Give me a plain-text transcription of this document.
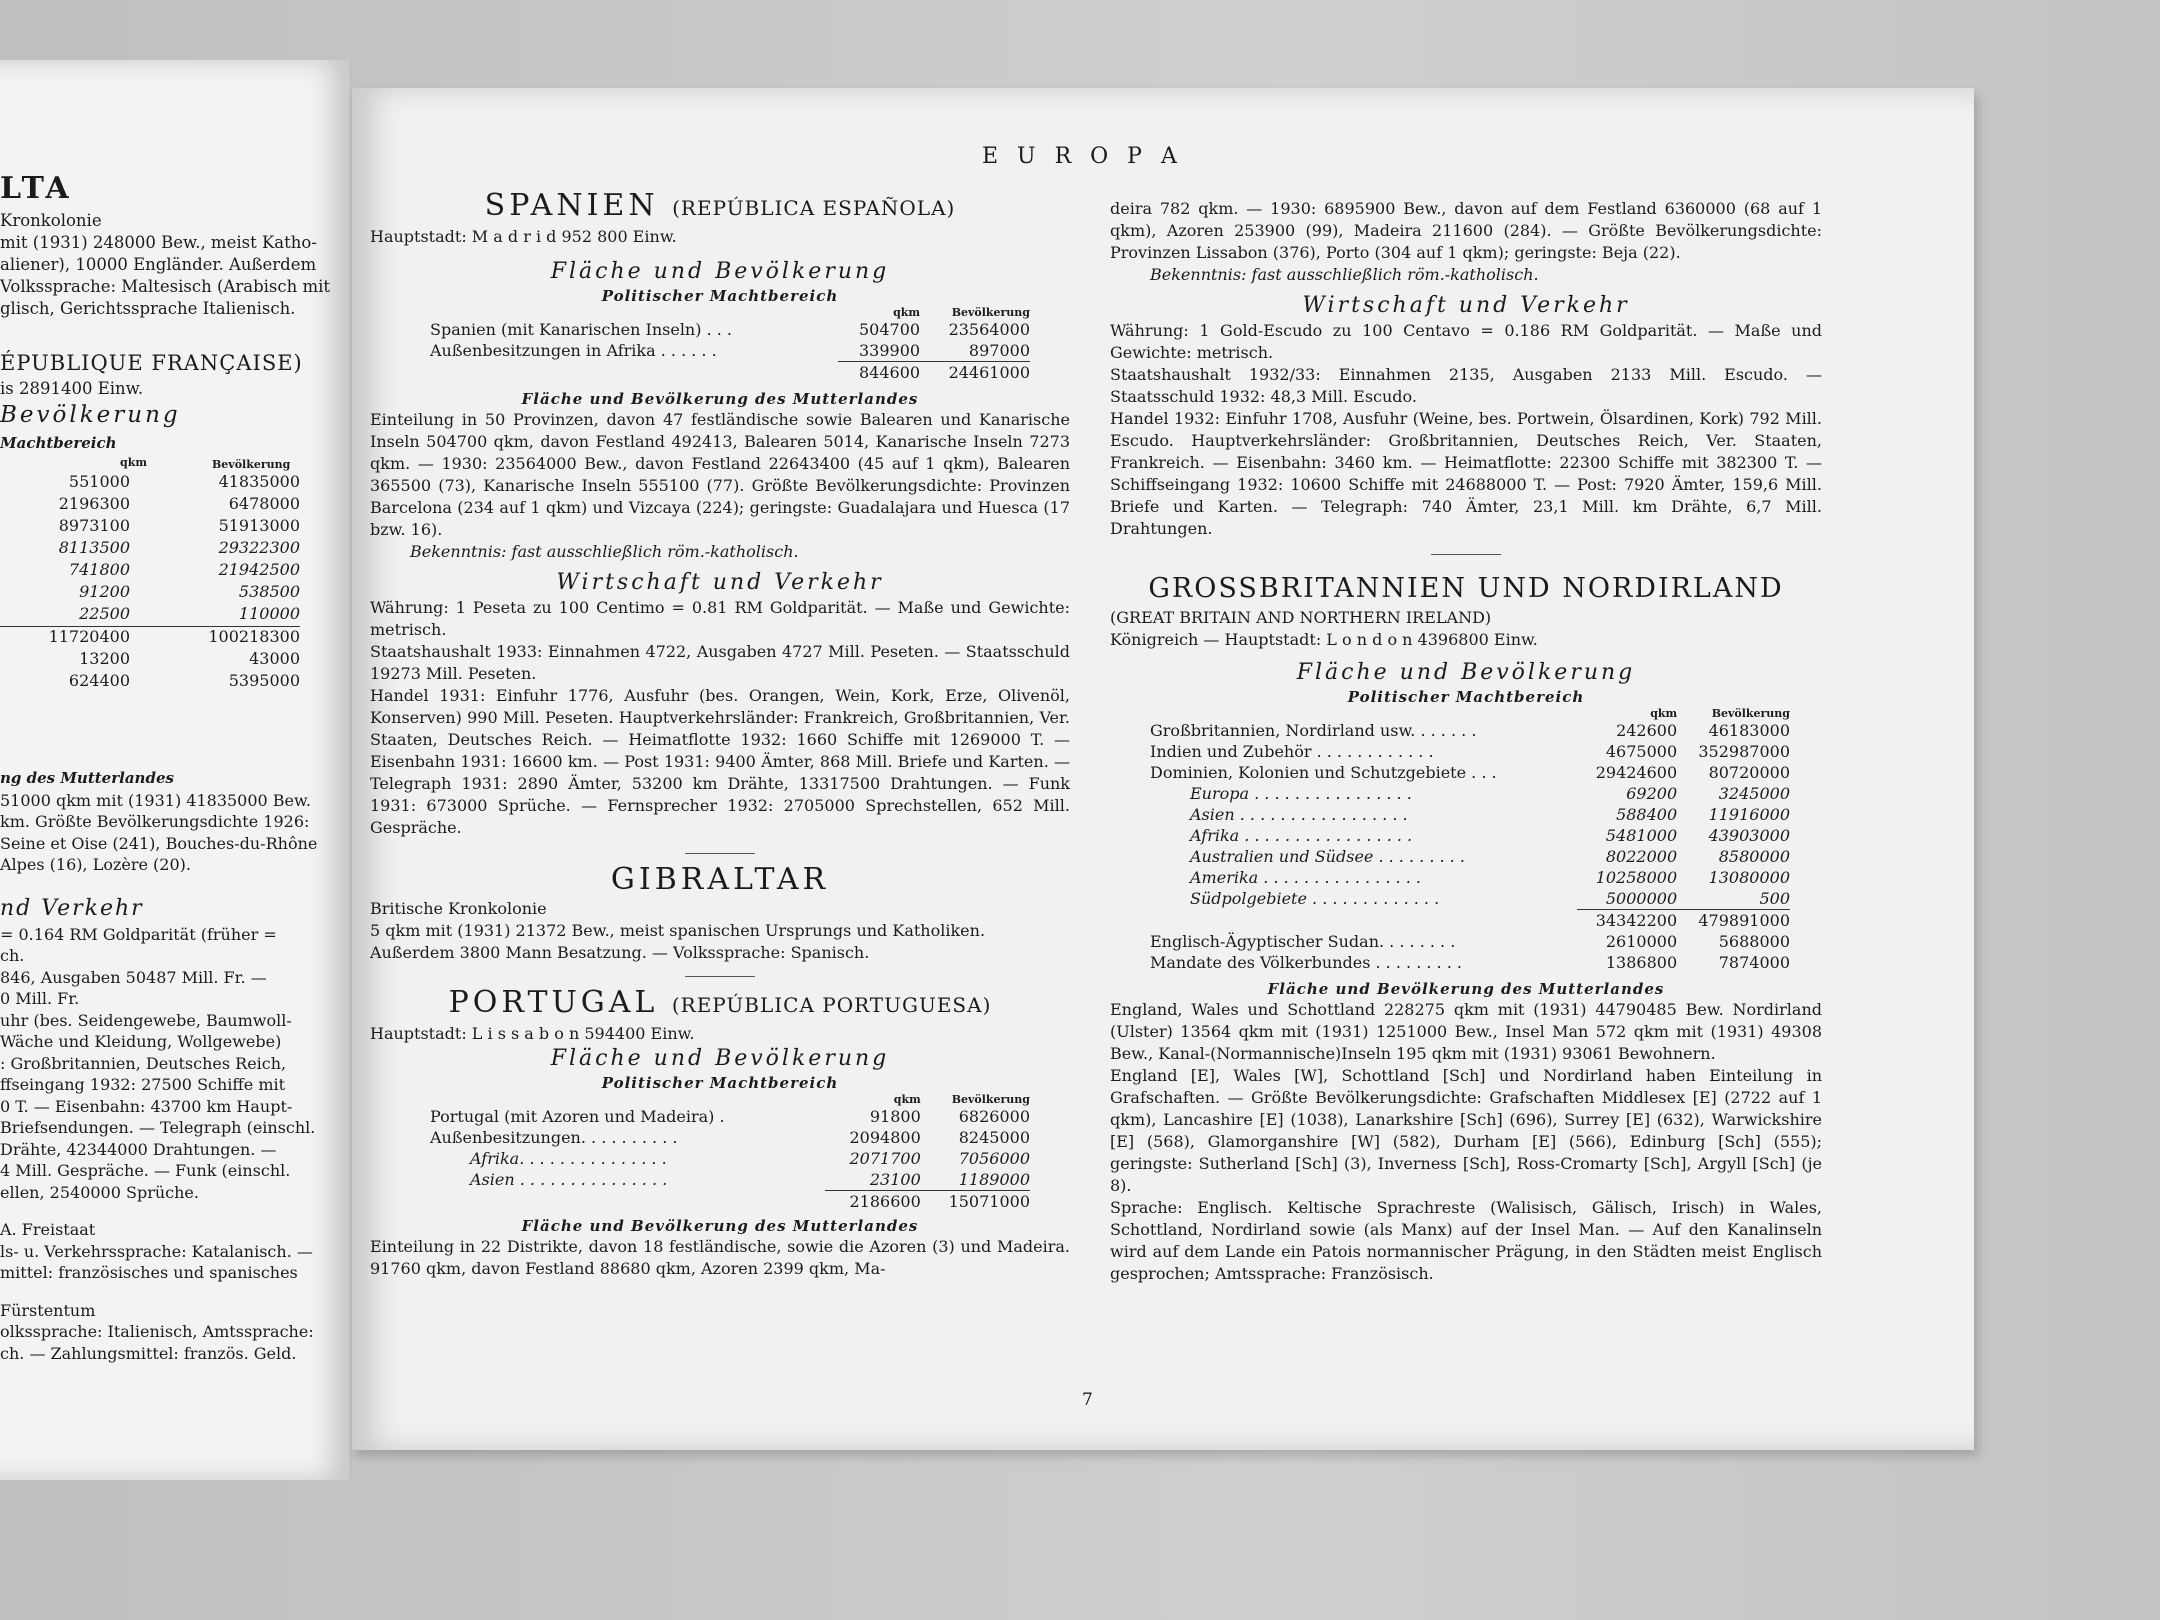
LTA
Kronkolonie
mit (1931) 248000 Bew., meist Katho-
aliener), 10000 Engländer. Außerdem
Volkssprache: Maltesisch (Arabisch mit
glisch, Gerichtssprache Italienisch.
ÉPUBLIQUE FRANÇAISE)
is 2891400 Einw.
Bevölkerung
Machtbereich
qkm	Bevölkerung
551000	41835000
2196300	6478000
8973100	51913000
8113500	29322300
741800	21942500
91200	538500
22500	110000
11720400	100218300
13200	43000
624400	5395000
ng des Mutterlandes
51000 qkm mit (1931) 41835000 Bew.
km. Größte Bevölkerungsdichte 1926:
Seine et Oise (241), Bouches-du-Rhône
Alpes (16), Lozère (20).
nd Verkehr
= 0.164 RM Goldparität (früher =
ch.
846, Ausgaben 50487 Mill. Fr. —
0 Mill. Fr.
uhr (bes. Seidengewebe, Baumwoll-
Wäche und Kleidung, Wollgewebe)
: Großbritannien, Deutsches Reich,
ffseingang 1932: 27500 Schiffe mit
0 T. — Eisenbahn: 43700 km Haupt-
Briefsendungen. — Telegraph (einschl.
Drähte, 42344000 Drahtungen. —
4 Mill. Gespräche. — Funk (einschl.
ellen, 2540000 Sprüche.
A. Freistaat
ls- u. Verkehrssprache: Katalanisch. —
mittel: französisches und spanisches
Fürstentum
olkssprache: Italienisch, Amtssprache:
ch. — Zahlungsmittel: französ. Geld.
E U R O P A
SPANIEN (REPÚBLICA ESPAÑOLA)
Hauptstadt: M a d r i d 952 800 Einw.
Fläche und Bevölkerung
Politischer Machtbereich
	qkm	Bevölkerung
Spanien (mit Kanarischen Inseln) . . .	504700	23564000
Außenbesitzungen in Afrika . . . . . .	339900	897000
	844600	24461000
Fläche und Bevölkerung des Mutterlandes
Einteilung in 50 Provinzen, davon 47 festländische sowie Balearen und Kanarische Inseln 504700 qkm, davon Festland 492413, Balearen 5014, Kanarische Inseln 7273 qkm. — 1930: 23564000 Bew., davon Festland 22643400 (45 auf 1 qkm), Balearen 365500 (73), Kanarische Inseln 555100 (77). Größte Bevölkerungsdichte: Provinzen Barcelona (234 auf 1 qkm) und Vizcaya (224); geringste: Guadalajara und Huesca (17 bzw. 16).
Bekenntnis: fast ausschließlich röm.-katholisch.
Wirtschaft und Verkehr
Währung: 1 Peseta zu 100 Centimo = 0.81 RM Goldparität. — Maße und Gewichte: metrisch.
Staatshaushalt 1933: Einnahmen 4722, Ausgaben 4727 Mill. Peseten. — Staatsschuld 19273 Mill. Peseten.
Handel 1931: Einfuhr 1776, Ausfuhr (bes. Orangen, Wein, Kork, Erze, Olivenöl, Konserven) 990 Mill. Peseten. Hauptverkehrsländer: Frankreich, Großbritannien, Ver. Staaten, Deutsches Reich. — Heimatflotte 1932: 1660 Schiffe mit 1269000 T. — Eisenbahn 1931: 16600 km. — Post 1931: 9400 Ämter, 868 Mill. Briefe und Karten. — Telegraph 1931: 2890 Ämter, 53200 km Drähte, 13317500 Drahtungen. — Funk 1931: 673000 Sprüche. — Fernsprecher 1932: 2705000 Sprechstellen, 652 Mill. Gespräche.
GIBRALTAR
Britische Kronkolonie
5 qkm mit (1931) 21372 Bew., meist spanischen Ursprungs und Katholiken.
Außerdem 3800 Mann Besatzung. — Volkssprache: Spanisch.
PORTUGAL (REPÚBLICA PORTUGUESA)
Hauptstadt: L i s s a b o n 594400 Einw.
Fläche und Bevölkerung
Politischer Machtbereich
	qkm	Bevölkerung
Portugal (mit Azoren und Madeira) .	91800	6826000
Außenbesitzungen. . . . . . . . . .	2094800	8245000
Afrika. . . . . . . . . . . . . . .	2071700	7056000
Asien . . . . . . . . . . . . . . .	23100	1189000
	2186600	15071000
Fläche und Bevölkerung des Mutterlandes
Einteilung in 22 Distrikte, davon 18 festländische, sowie die Azoren (3) und Madeira. 91760 qkm, davon Festland 88680 qkm, Azoren 2399 qkm, Ma-
deira 782 qkm. — 1930: 6895900 Bew., davon auf dem Festland 6360000 (68 auf 1 qkm), Azoren 253900 (99), Madeira 211600 (284). — Größte Bevölkerungsdichte: Provinzen Lissabon (376), Porto (304 auf 1 qkm); geringste: Beja (22).
Bekenntnis: fast ausschließlich röm.-katholisch.
Wirtschaft und Verkehr
Währung: 1 Gold-Escudo zu 100 Centavo = 0.186 RM Goldparität. — Maße und Gewichte: metrisch.
Staatshaushalt 1932/33: Einnahmen 2135, Ausgaben 2133 Mill. Escudo. — Staatsschuld 1932: 48,3 Mill. Escudo.
Handel 1932: Einfuhr 1708, Ausfuhr (Weine, bes. Portwein, Ölsardinen, Kork) 792 Mill. Escudo. Hauptverkehrsländer: Großbritannien, Deutsches Reich, Ver. Staaten, Frankreich. — Eisenbahn: 3460 km. — Heimatflotte: 22300 Schiffe mit 382300 T. — Schiffseingang 1932: 10600 Schiffe mit 24688000 T. — Post: 7920 Ämter, 159,6 Mill. Briefe und Karten. — Telegraph: 740 Ämter, 23,1 Mill. km Drähte, 6,7 Mill. Drahtungen.
GROSSBRITANNIEN UND NORDIRLAND
(GREAT BRITAIN AND NORTHERN IRELAND)
Königreich — Hauptstadt: L o n d o n 4396800 Einw.
Fläche und Bevölkerung
Politischer Machtbereich
	qkm	Bevölkerung
Großbritannien, Nordirland usw. . . . . . .	242600	46183000
Indien und Zubehör . . . . . . . . . . . .	4675000	352987000
Dominien, Kolonien und Schutzgebiete . . .	29424600	80720000
Europa . . . . . . . . . . . . . . . .	69200	3245000
Asien . . . . . . . . . . . . . . . . .	588400	11916000
Afrika . . . . . . . . . . . . . . . . .	5481000	43903000
Australien und Südsee . . . . . . . . .	8022000	8580000
Amerika . . . . . . . . . . . . . . . .	10258000	13080000
Südpolgebiete . . . . . . . . . . . . .	5000000	500
	34342200	479891000
Englisch-Ägyptischer Sudan. . . . . . . .	2610000	5688000
Mandate des Völkerbundes . . . . . . . . .	1386800	7874000
Fläche und Bevölkerung des Mutterlandes
England, Wales und Schottland 228275 qkm mit (1931) 44790485 Bew. Nordirland (Ulster) 13564 qkm mit (1931) 1251000 Bew., Insel Man 572 qkm mit (1931) 49308 Bew., Kanal-(Normannische)Inseln 195 qkm mit (1931) 93061 Bewohnern.
England [E], Wales [W], Schottland [Sch] und Nordirland haben Einteilung in Grafschaften. — Größte Bevölkerungsdichte: Grafschaften Middlesex [E] (2722 auf 1 qkm), Lancashire [E] (1038), Lanarkshire [Sch] (696), Surrey [E] (632), Warwickshire [E] (568), Glamorganshire [W] (582), Durham [E] (566), Edinburg [Sch] (555); geringste: Sutherland [Sch] (3), Inverness [Sch], Ross-Cromarty [Sch], Argyll [Sch] (je 8).
Sprache: Englisch. Keltische Sprachreste (Walisisch, Gälisch, Irisch) in Wales, Schottland, Nordirland sowie (als Manx) auf der Insel Man. — Auf den Kanalinseln wird auf dem Lande ein Patois normannischer Prägung, in den Städten meist Englisch gesprochen; Amtssprache: Französisch.
7
